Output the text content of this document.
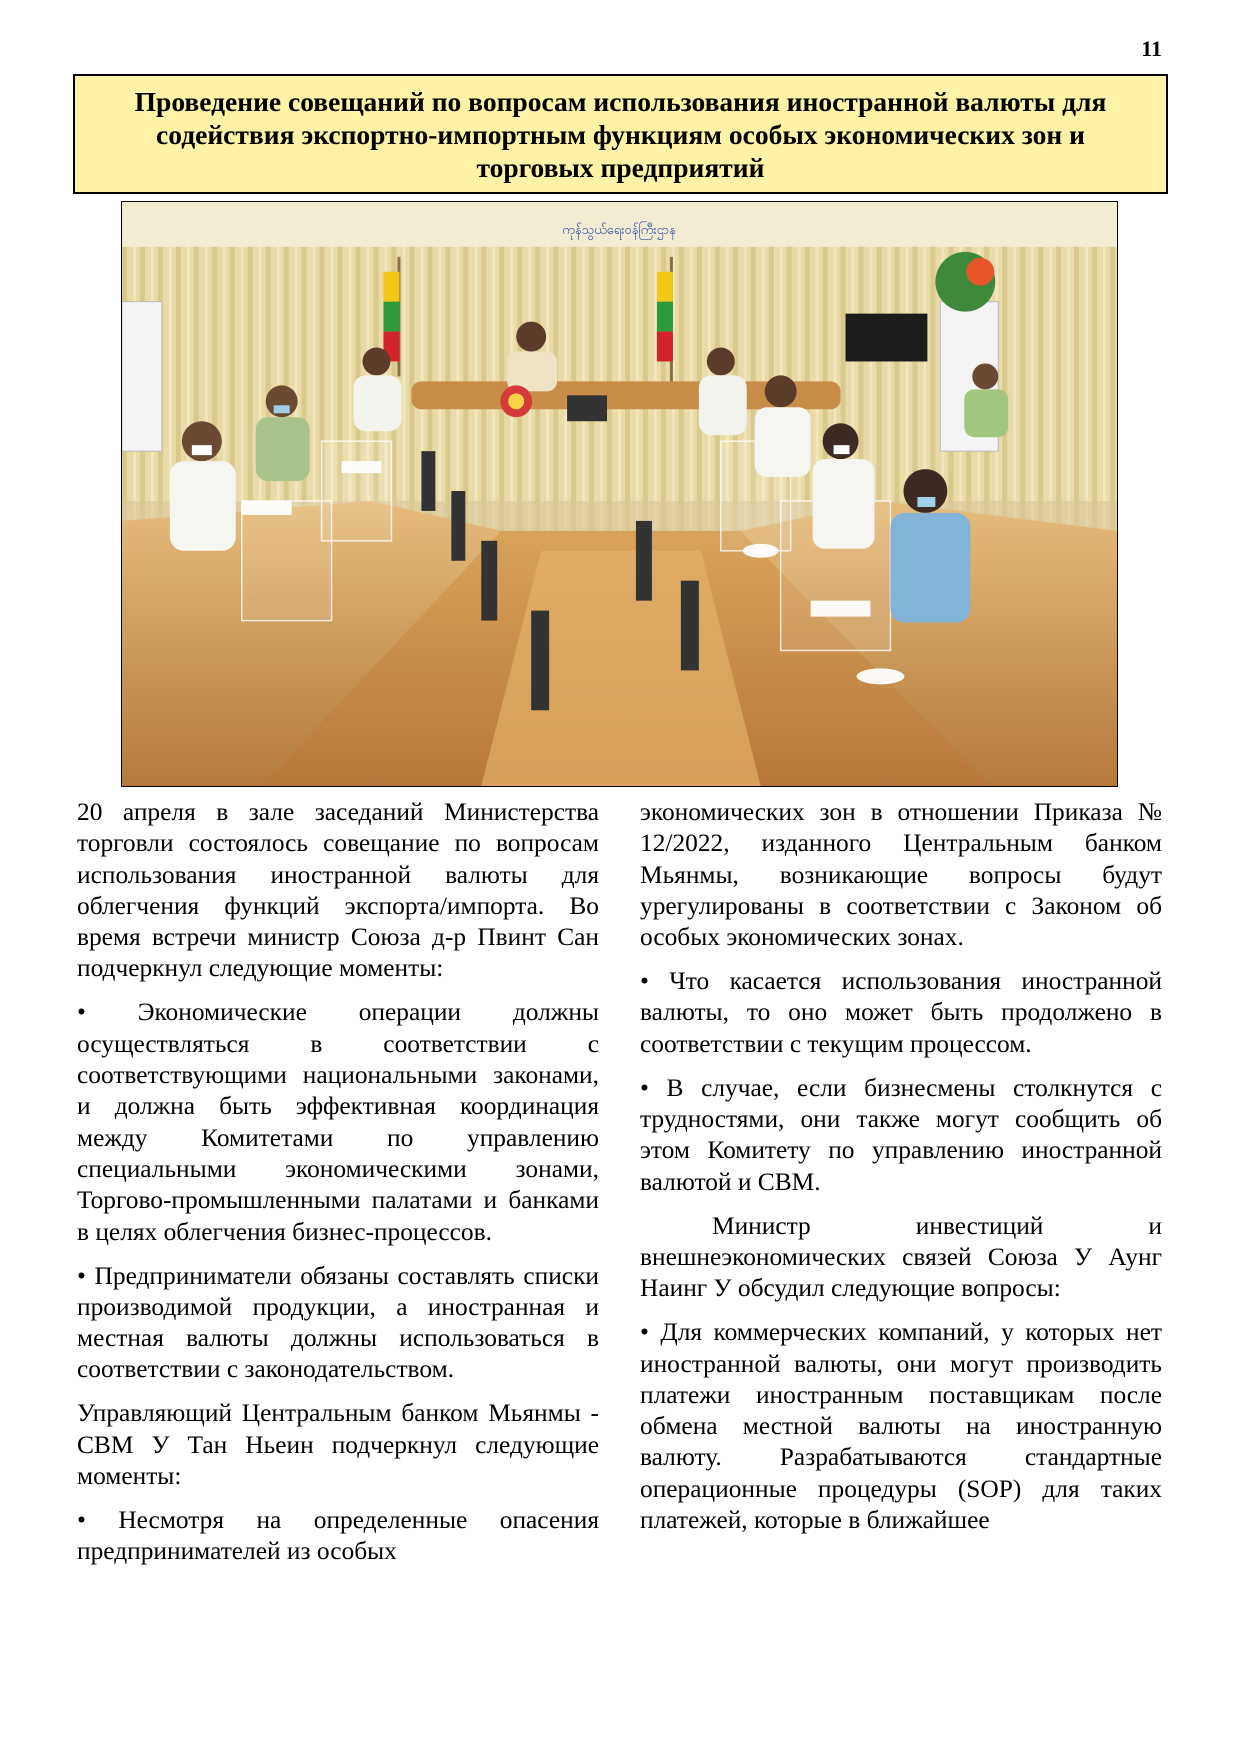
11
Проведение совещаний по вопросам использования иностранной валюты для содействия экспортно-импортным функциям особых экономических зон и торговых предприятий
ကုန်သွယ်ရေးဝန်ကြီးဌာန

20 апреля в зале заседаний Министерства торговли состоялось совещание по вопросам использования иностранной валюты для облегчения функций экспорта/импорта. Во время встречи министр Союза д-р Пвинт Сан подчеркнул следующие моменты:

• Экономические операции должны осуществляться в соответствии с соответствующими национальными законами, и должна быть эффективная координация между Комитетами по управлению специальными экономическими зонами, Торгово-промышленными палатами и банками в целях облегчения бизнес-процессов.

• Предприниматели обязаны составлять списки производимой продукции, а иностранная и местная валюты должны использоваться в соответствии с законодательством.

Управляющий Центральным банком Мьянмы - CBM У Тан Ньеин подчеркнул следующие моменты:

• Несмотря на определенные опасения предпринимателей из особых

экономических зон в отношении Приказа № 12/2022, изданного Центральным банком Мьянмы, возникающие вопросы будут урегулированы в соответствии с Законом об особых экономических зонах.

• Что касается использования иностранной валюты, то оно может быть продолжено в соответствии с текущим процессом.

• В случае, если бизнесмены столкнутся с трудностями, они также могут сообщить об этом Комитету по управлению иностранной валютой и CBM.

Министр инвестиций и внешнеэкономических связей Союза У Аунг Наинг У обсудил следующие вопросы:

• Для коммерческих компаний, у которых нет иностранной валюты, они могут производить платежи иностранным поставщикам после обмена местной валюты на иностранную валюту. Разрабатываются стандартные операционные процедуры (SOP) для таких платежей, которые в ближайшее
